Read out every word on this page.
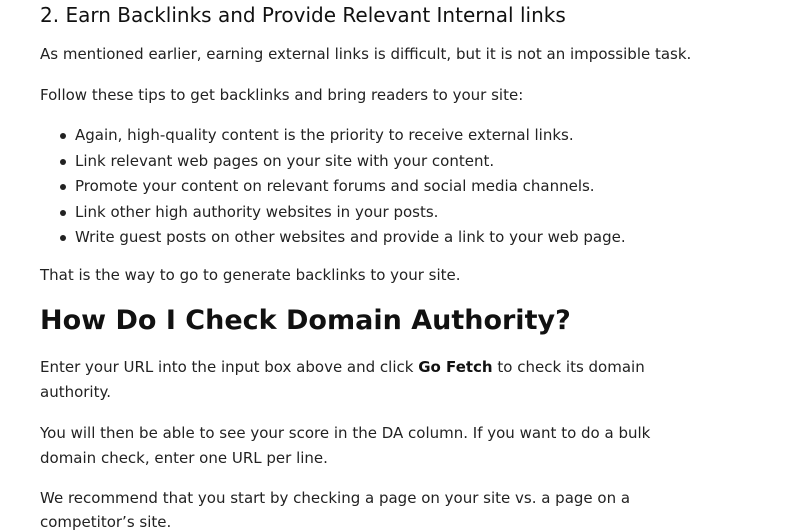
2. Earn Backlinks and Provide Relevant Internal links

As mentioned earlier, earning external links is difficult, but it is not an impossible task.

Follow these tips to get backlinks and bring readers to your site:

Again, high-quality content is the priority to receive external links.
Link relevant web pages on your site with your content.
Promote your content on relevant forums and social media channels.
Link other high authority websites in your posts.
Write guest posts on other websites and provide a link to your web page.

That is the way to go to generate backlinks to your site.

How Do I Check Domain Authority?

Enter your URL into the input box above and click Go Fetch to check its domain

authority.

You will then be able to see your score in the DA column. If you want to do a bulk

domain check, enter one URL per line.

We recommend that you start by checking a page on your site vs. a page on a

competitor’s site.
